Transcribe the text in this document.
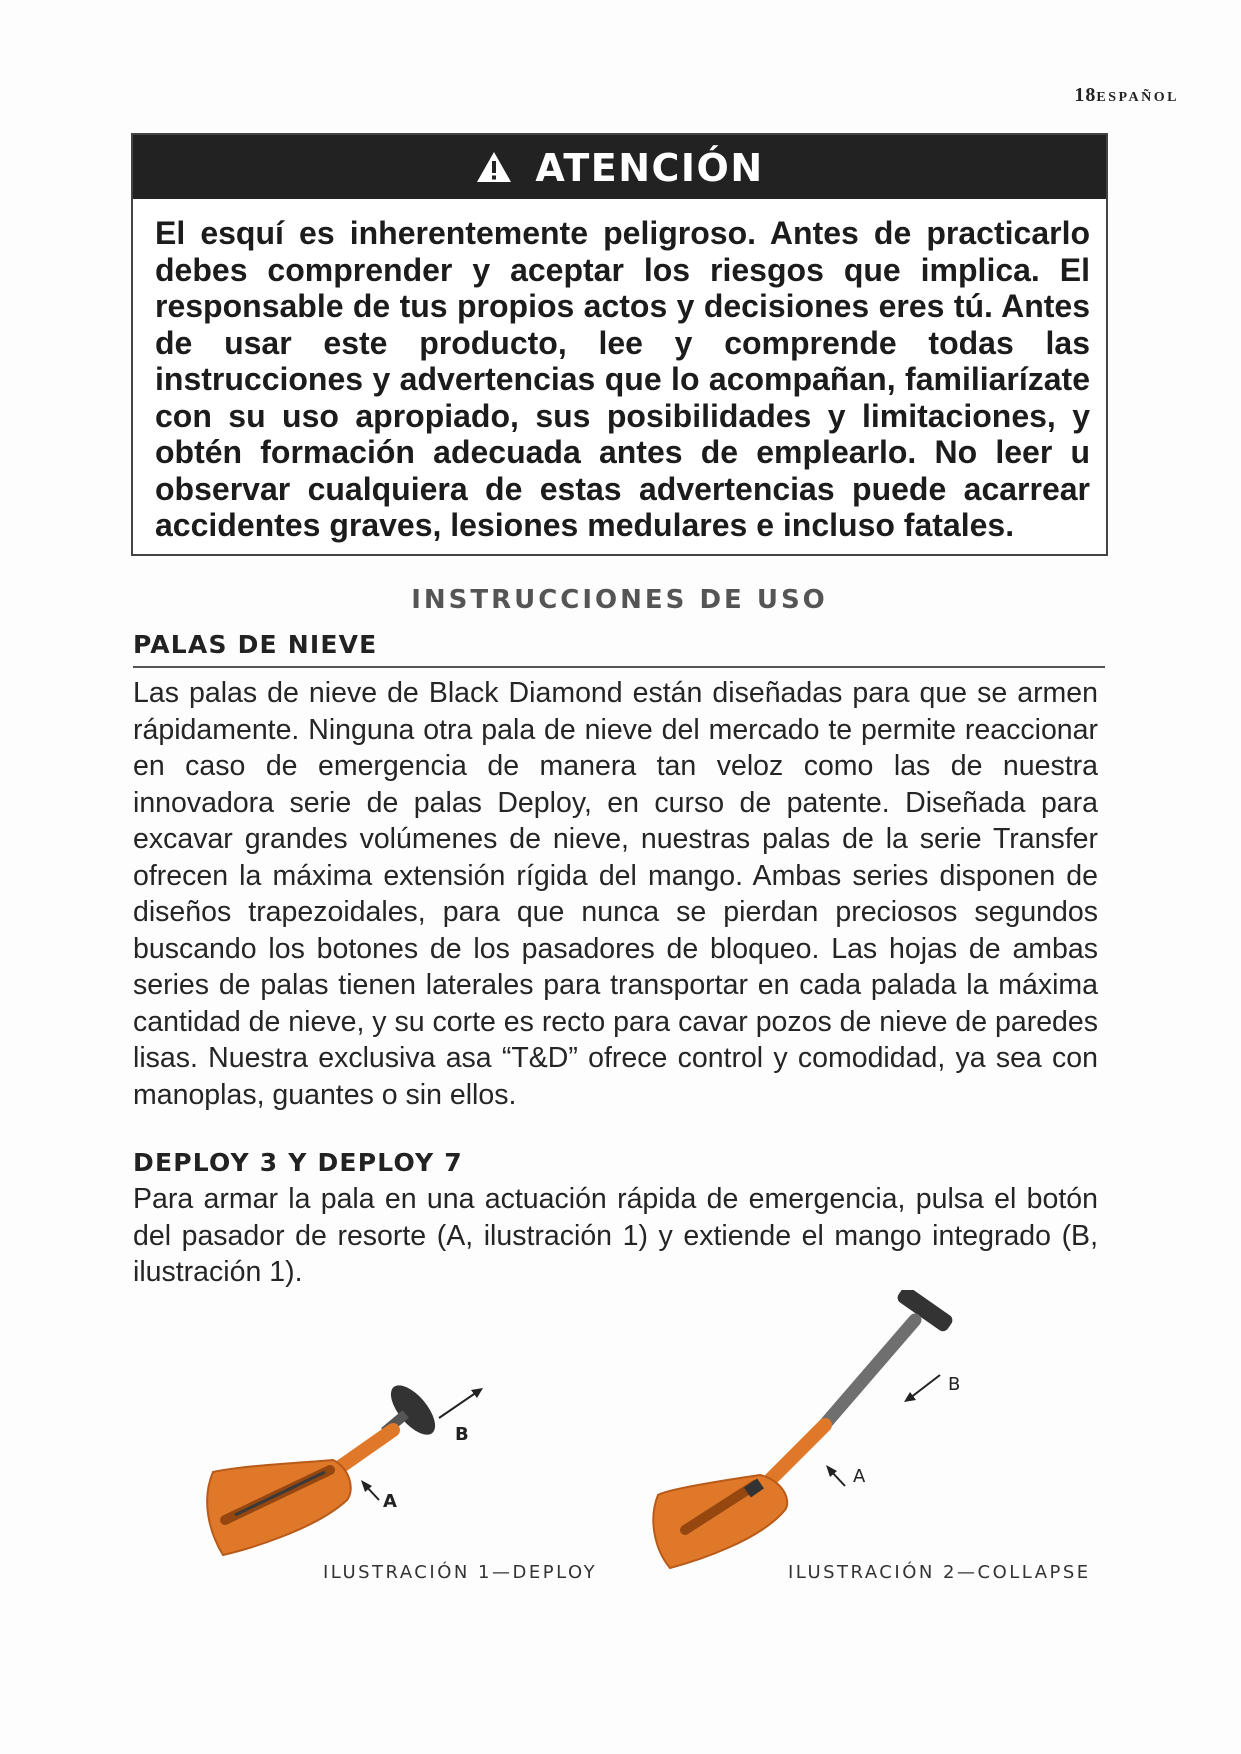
18español
ATENCIÓN
El esquí es inherentemente peligroso. Antes de practicarlo debes comprender y aceptar los riesgos que implica. El responsable de tus propios actos y decisiones eres tú. Antes de usar este producto, lee y comprende todas las instrucciones y advertencias que lo acompañan, familiarízate con su uso apropiado, sus posibilidades y limitaciones, y obtén formación adecuada antes de emplearlo. No leer u observar cualquiera de estas advertencias puede acarrear accidentes graves, lesiones medulares e incluso fatales.
INSTRUCCIONES DE USO
PALAS DE NIEVE

Las palas de nieve de Black Diamond están diseñadas para que se armen rápidamente. Ninguna otra pala de nieve del mercado te permite reaccionar en caso de emergencia de manera tan veloz como las de nuestra innovadora serie de palas Deploy, en curso de patente. Diseñada para excavar grandes volúmenes de nieve, nuestras palas de la serie Transfer ofrecen la máxima extensión rígida del mango. Ambas series disponen de diseños trapezoidales, para que nunca se pierdan preciosos segundos buscando los botones de los pasadores de bloqueo. Las hojas de ambas series de palas tienen laterales para transportar en cada palada la máxima cantidad de nieve, y su corte es recto para cavar pozos de nieve de paredes lisas. Nuestra exclusiva asa “T&D” ofrece control y comodidad, ya sea con manoplas, guantes o sin ellos.

DEPLOY 3 Y DEPLOY 7

Para armar la pala en una actuación rápida de emergencia, pulsa el botón del pasador de resorte (A, ilustración 1) y extiende el mango integrado (B, ilustración 1).

B
A
ILUSTRACIÓN 1—DEPLOY
B
A
ILUSTRACIÓN 2—COLLAPSE
